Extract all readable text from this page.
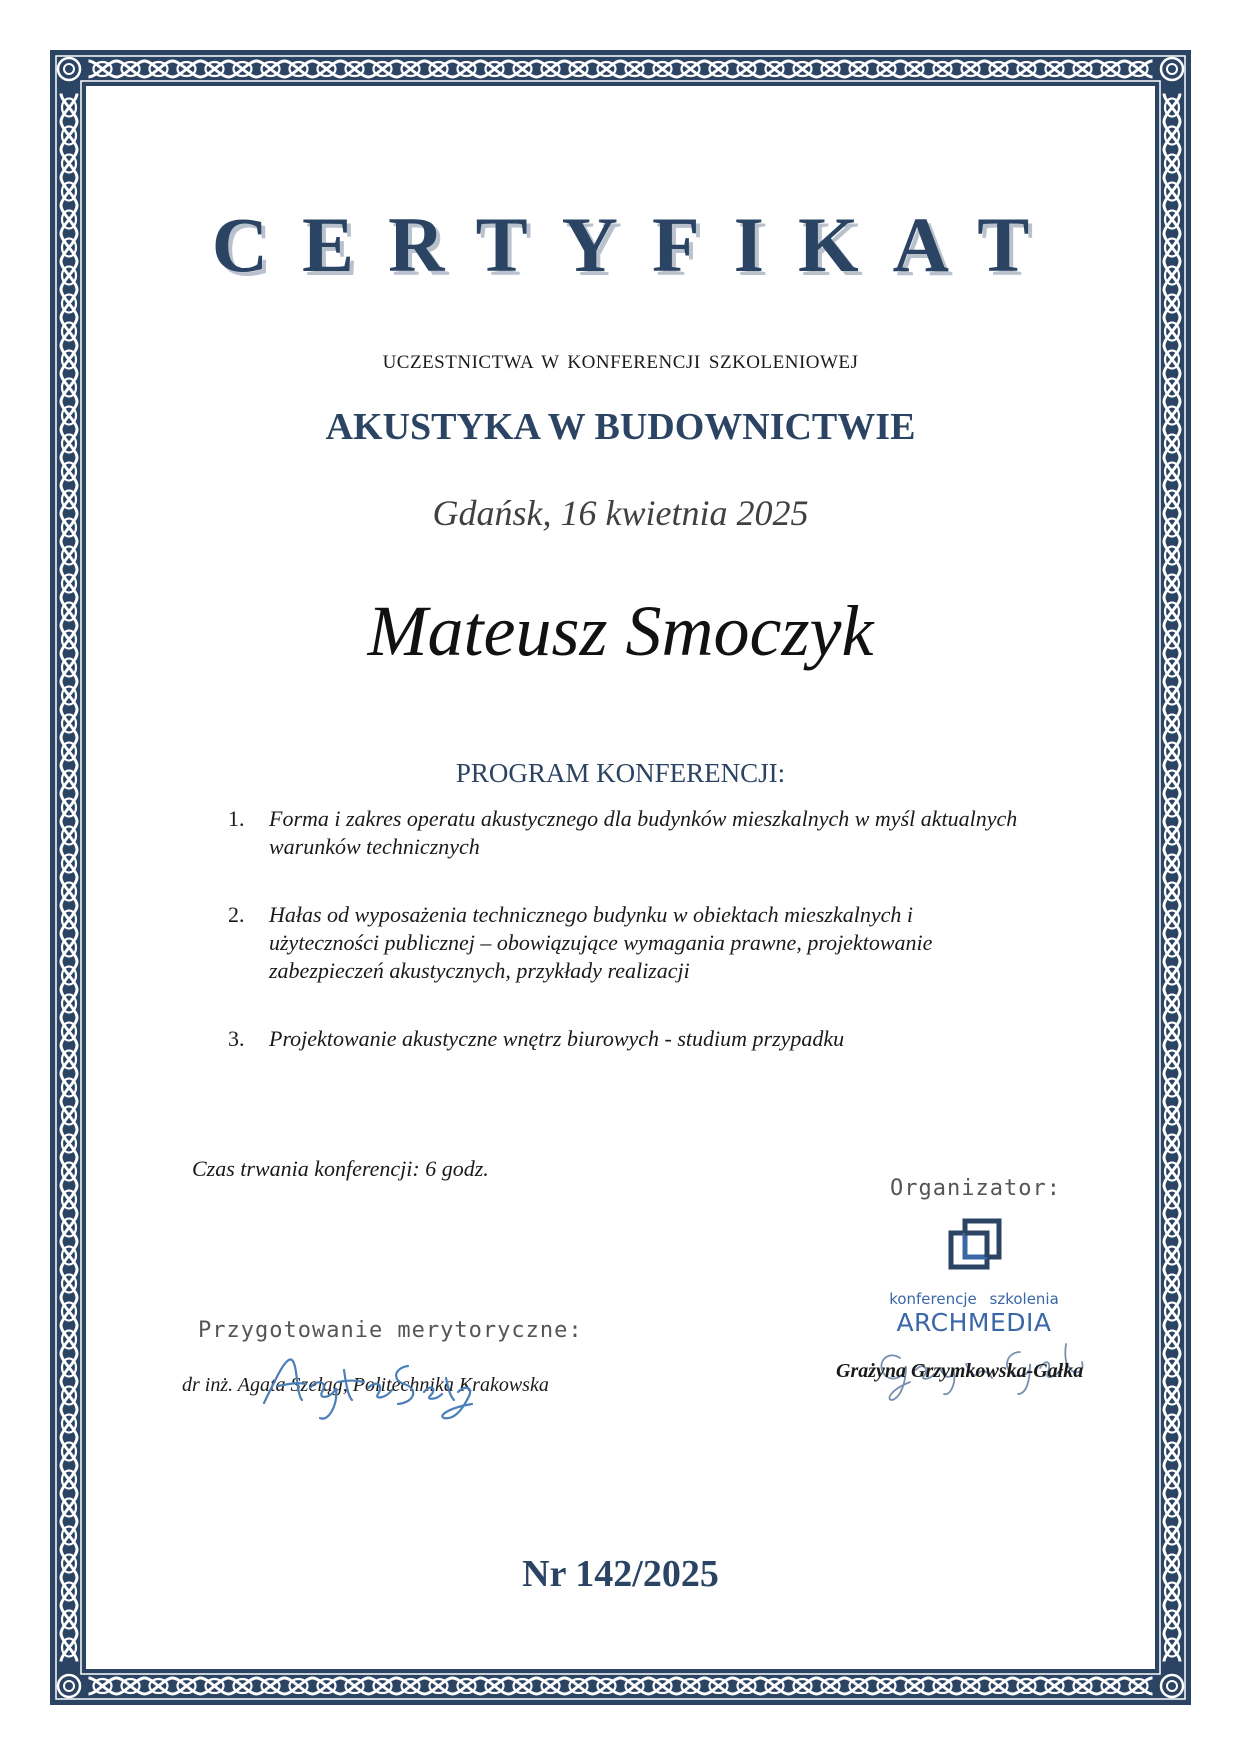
CERTYFIKAT
UCZESTNICTWA W KONFERENCJI SZKOLENIOWEJ
AKUSTYKA W BUDOWNICTWIE
Gdańsk, 16 kwietnia 2025
Mateusz Smoczyk
PROGRAM KONFERENCJI:
1. Forma i zakres operatu akustycznego dla budynków mieszkalnych w myśl aktualnych warunków technicznych
2. Hałas od wyposażenia technicznego budynku w obiektach mieszkalnych i użyteczności publicznej – obowiązujące wymagania prawne, projektowanie zabezpieczeń akustycznych, przykłady realizacji
3. Projektowanie akustyczne wnętrz biurowych - studium przypadku
Czas trwania konferencji: 6 godz.
Organizator:
konferencje szkolenia
ARCHMEDIA
Przygotowanie merytoryczne:
dr inż. Agata Szeląg, Politechnika Krakowska
Grażyna Grzymkowska-Gałka
Nr 142/2025
